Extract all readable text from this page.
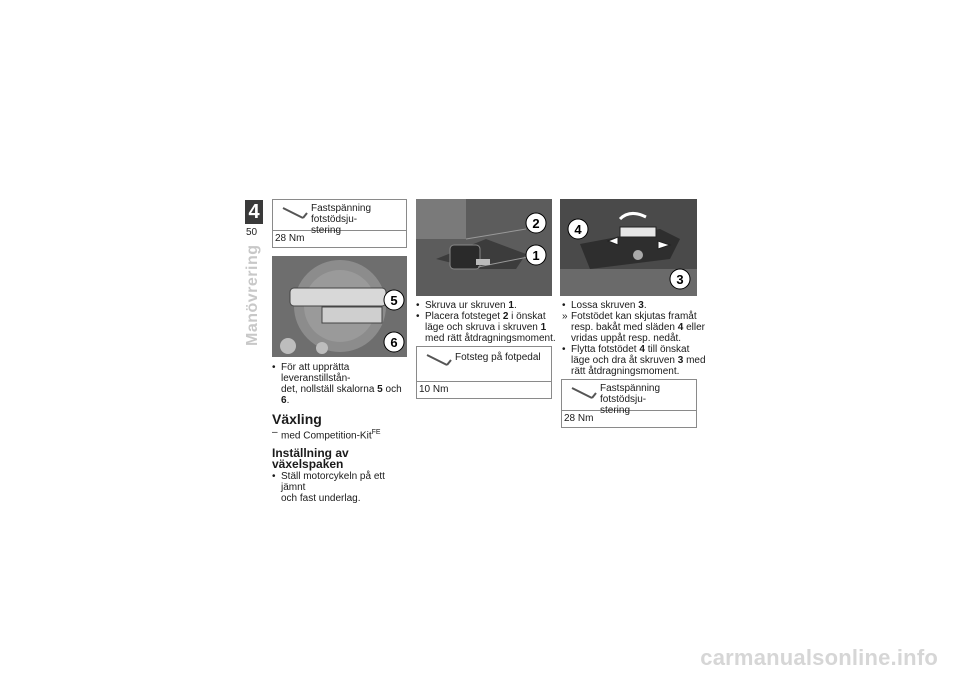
4
50
Manövrering
Fastspänning fotstödsju-
stering
28 Nm
5
6
• För att upprätta leveranstillstån-
det, nollställ skalorna 5 och 6.
Växling
– med Competition-Kit$^{FE}$
Inställning av växelspaken
• Ställ motorcykeln på ett jämnt
och fast underlag.
2
1
• Skruva ur skruven 1.
• Placera fotsteget 2 i önskat
läge och skruva i skruven 1
med rätt åtdragningsmoment.
Fotsteg på fotpedal
10 Nm
4
3
• Lossa skruven 3.
» Fotstödet kan skjutas framåt
resp. bakåt med släden 4 eller
vridas uppåt resp. nedåt.
• Flytta fotstödet 4 till önskat
läge och dra åt skruven 3 med
rätt åtdragningsmoment.
Fastspänning fotstödsju-
stering
28 Nm
carmanualsonline.info
